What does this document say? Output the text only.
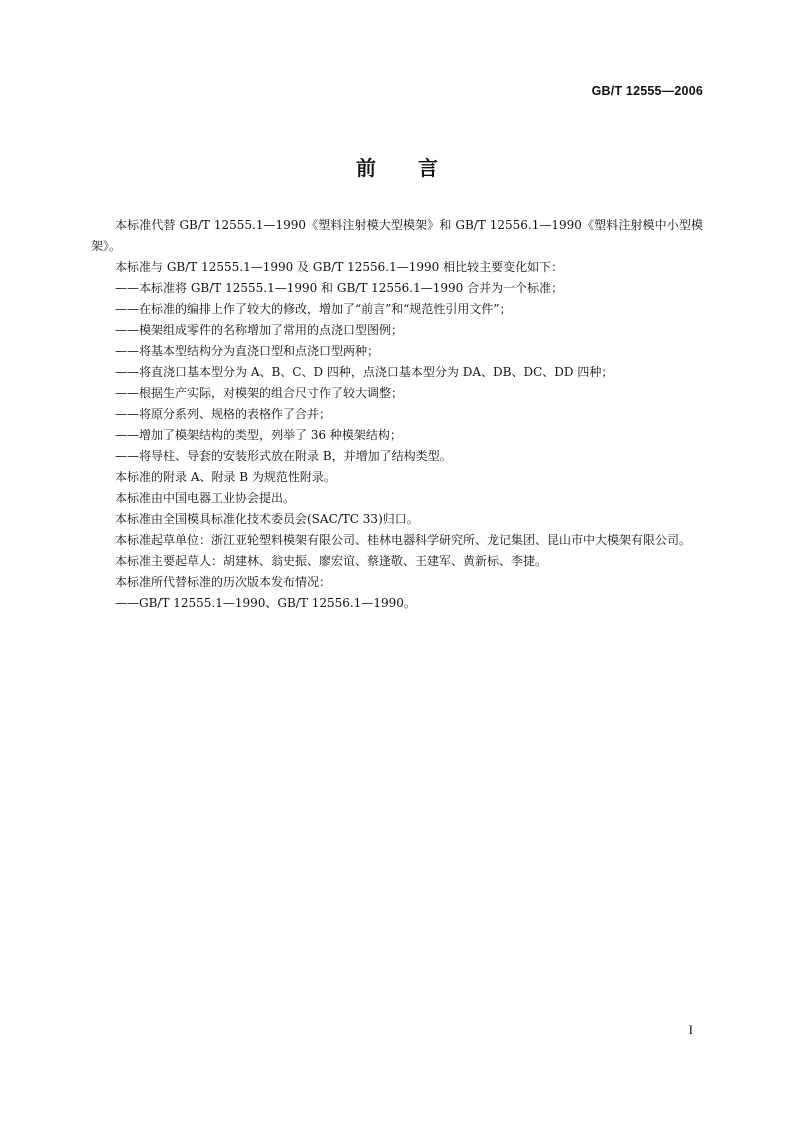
GB/T 12555—2006
前言

本标准代替 GB/T 12555.1—1990《塑料注射模大型模架》和 GB/T 12556.1—1990《塑料注射模中小型模架》。

本标准与 GB/T 12555.1—1990 及 GB/T 12556.1—1990 相比较主要变化如下：

——本标准将 GB/T 12555.1—1990 和 GB/T 12556.1—1990 合并为一个标准；

——在标准的编排上作了较大的修改，增加了“前言”和“规范性引用文件”；

——模架组成零件的名称增加了常用的点浇口型图例；

——将基本型结构分为直浇口型和点浇口型两种；

——将直浇口基本型分为 A、B、C、D 四种，点浇口基本型分为 DA、DB、DC、DD 四种；

——根据生产实际，对模架的组合尺寸作了较大调整；

——将原分系列、规格的表格作了合并；

——增加了模架结构的类型，列举了 36 种模架结构；

——将导柱、导套的安装形式放在附录 B，并增加了结构类型。

本标准的附录 A、附录 B 为规范性附录。

本标准由中国电器工业协会提出。

本标准由全国模具标准化技术委员会(SAC/TC 33)归口。

本标准起草单位：浙江亚轮塑料模架有限公司、桂林电器科学研究所、龙记集团、昆山市中大模架有限公司。

本标准主要起草人：胡建林、翁史振、廖宏谊、蔡逢敬、王建军、黄新标、李捷。

本标准所代替标准的历次版本发布情况：

——GB/T 12555.1—1990、GB/T 12556.1—1990。

I
